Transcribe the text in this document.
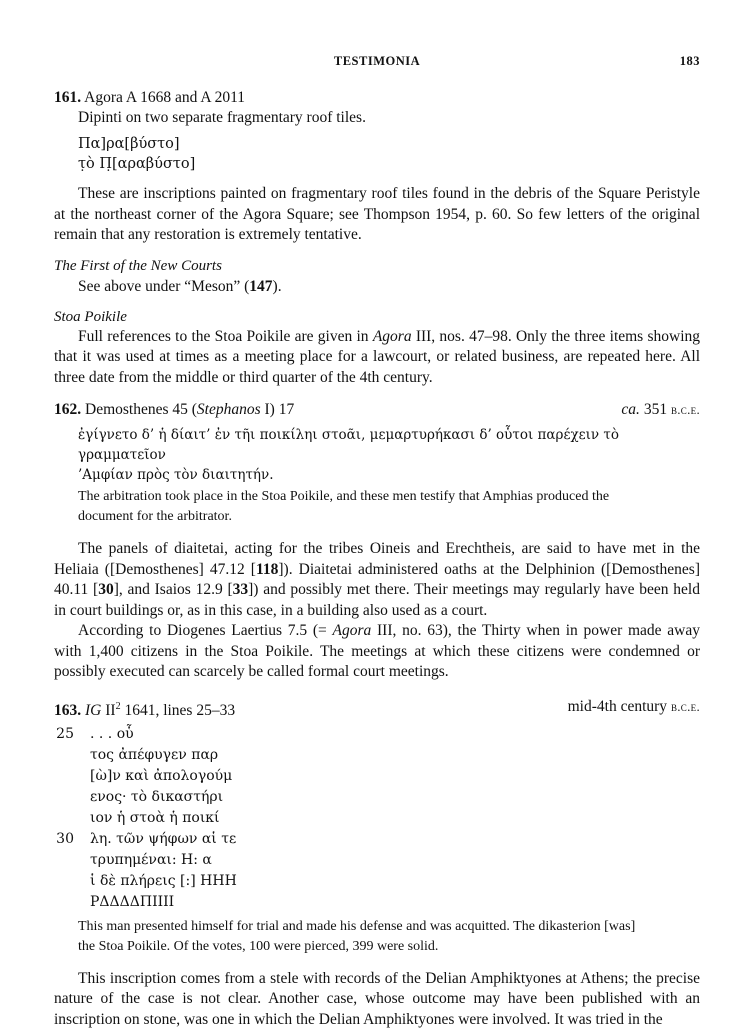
TESTIMONIA	183

161. Agora A 1668 and A 2011

Dipinti on two separate fragmentary roof tiles.

Πα]ρα[βύστο]

τ̣ὸ Π̣[αραβύστο]

These are inscriptions painted on fragmentary roof tiles found in the debris of the Square Peristyle at the northeast corner of the Agora Square; see Thompson 1954, p. 60. So few letters of the original remain that any restoration is extremely tentative.

The First of the New Courts

See above under “Meson” (147).

Stoa Poikile

Full references to the Stoa Poikile are given in Agora III, nos. 47–98. Only the three items showing that it was used at times as a meeting place for a lawcourt, or related business, are repeated here. All three date from the middle or third quarter of the 4th century.

162. Demosthenes 45 (Stephanos I) 17	ca. 351 b.c.e.

ἐγίγνετο δ’ ἡ δίαιτ’ ἐν τῆι ποικίληι στοᾶι, μεμαρτυρήκασι δ’ οὗτοι παρέχειν τὸ γραμματεῖον

’Αμφίαν πρὸς τὸν διαιτητήν.

The arbitration took place in the Stoa Poikile, and these men testify that Amphias produced the

document for the arbitrator.

The panels of diaitetai, acting for the tribes Oineis and Erechtheis, are said to have met in the Heliaia ([Demosthenes] 47.12 [118]). Diaitetai administered oaths at the Delphinion ([Demosthenes] 40.11 [30], and Isaios 12.9 [33]) and possibly met there. Their meetings may regularly have been held in court buildings or, as in this case, in a building also used as a court.

According to Diogenes Laertius 7.5 (= Agora III, no. 63), the Thirty when in power made away with 1,400 citizens in the Stoa Poikile. The meetings at which these citizens were condemned or possibly executed can scarcely be called formal court meetings.

163. IG $II^2$ 1641, lines 25–33	mid-4th century b.c.e.

25 . . . οὗ
τος ἀπέφυγεν παρ
[ὼ]ν καὶ ἀπολογούμ
ενος· τὸ δικαστήρι
ιον ἡ στοὰ ἡ ποικί
30 λη. τῶν ψήφων αἱ τε
τρυπημέναι: Η: α
ἱ δὲ πλήρεις [:] ΗΗΗ
ΡΔΔΔΔΠΙΙΙΙ

This man presented himself for trial and made his defense and was acquitted. The dikasterion [was]

the Stoa Poikile. Of the votes, 100 were pierced, 399 were solid.

This inscription comes from a stele with records of the Delian Amphiktyones at Athens; the precise nature of the case is not clear. Another case, whose outcome may have been published with an inscription on stone, was one in which the Delian Amphiktyones were involved. It was tried in the
